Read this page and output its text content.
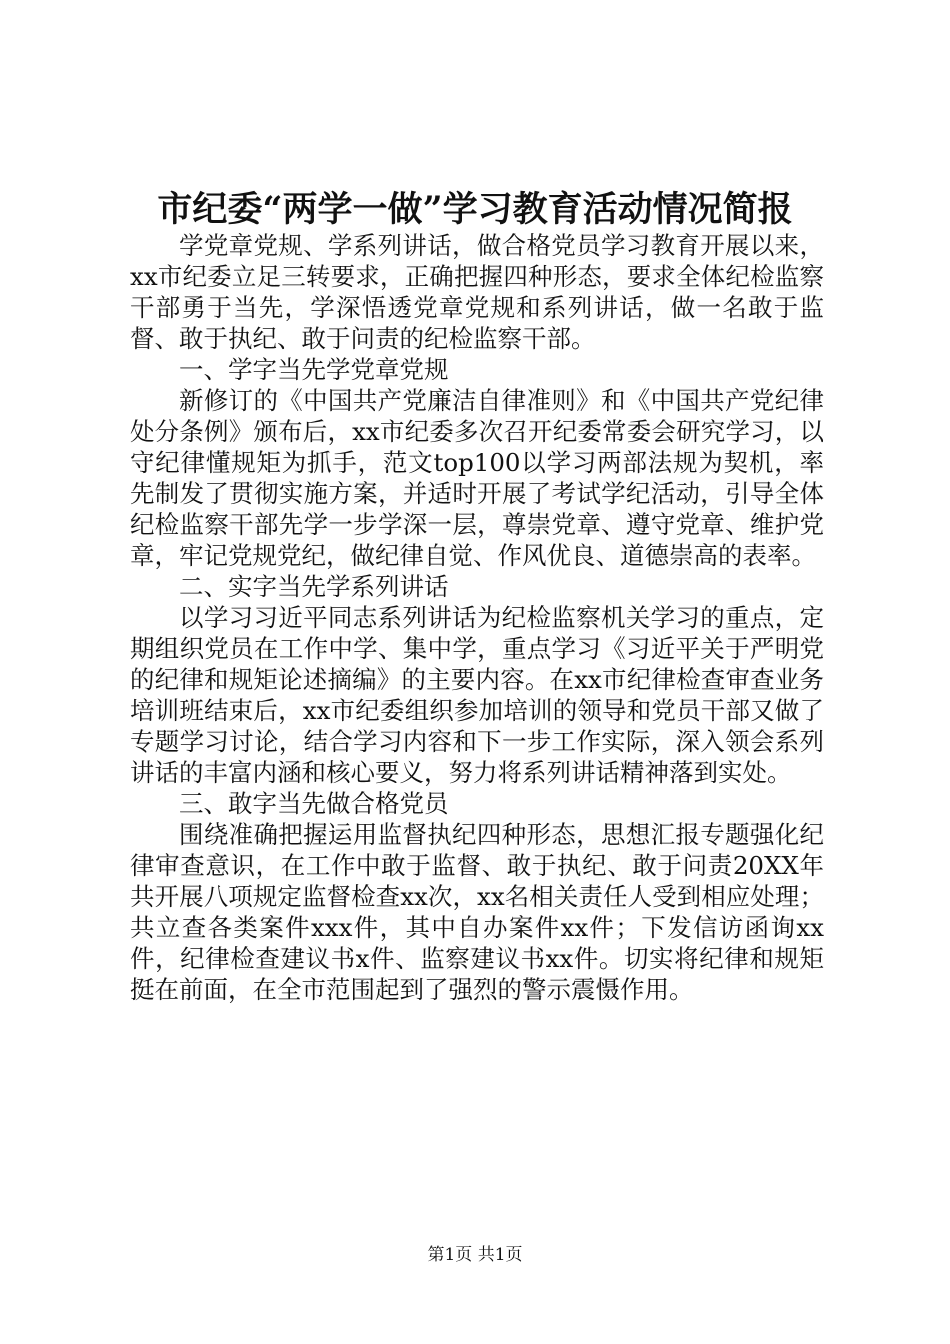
市纪委“两学一做”学习教育活动情况简报

学党章党规、学系列讲话，做合格党员学习教育开展以来，xx市纪委立足三转要求，正确把握四种形态，要求全体纪检监察干部勇于当先，学深悟透党章党规和系列讲话，做一名敢于监督、敢于执纪、敢于问责的纪检监察干部。

一、学字当先学党章党规

新修订的《中国共产党廉洁自律准则》和《中国共产党纪律处分条例》颁布后，xx市纪委多次召开纪委常委会研究学习，以守纪律懂规矩为抓手，范文top100以学习两部法规为契机，率先制发了贯彻实施方案，并适时开展了考试学纪活动，引导全体纪检监察干部先学一步学深一层，尊崇党章、遵守党章、维护党章，牢记党规党纪，做纪律自觉、作风优良、道德崇高的表率。

二、实字当先学系列讲话

以学习习近平同志系列讲话为纪检监察机关学习的重点，定期组织党员在工作中学、集中学，重点学习《习近平关于严明党的纪律和规矩论述摘编》的主要内容。在xx市纪律检查审查业务培训班结束后，xx市纪委组织参加培训的领导和党员干部又做了专题学习讨论，结合学习内容和下一步工作实际，深入领会系列讲话的丰富内涵和核心要义，努力将系列讲话精神落到实处。

三、敢字当先做合格党员

围绕准确把握运用监督执纪四种形态，思想汇报专题强化纪律审查意识，在工作中敢于监督、敢于执纪、敢于问责20XX年共开展八项规定监督检查xx次，xx名相关责任人受到相应处理；共立查各类案件xxx件，其中自办案件xx件；下发信访函询xx件，纪律检查建议书x件、监察建议书xx件。切实将纪律和规矩挺在前面，在全市范围起到了强烈的警示震慑作用。

第1页 共1页
